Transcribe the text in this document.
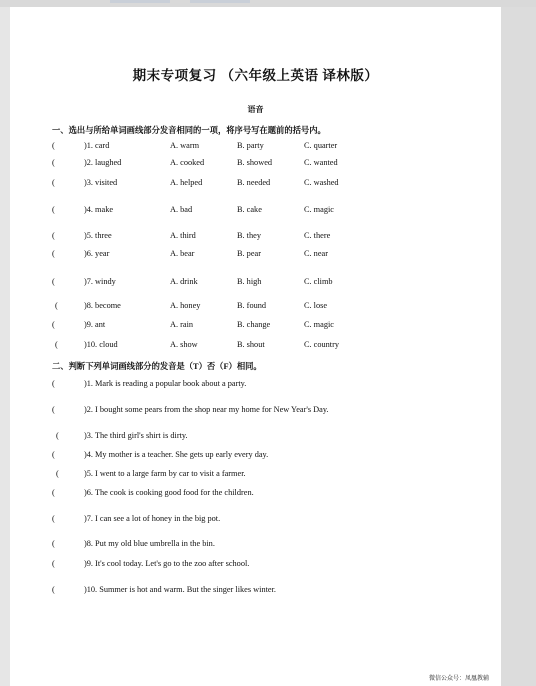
期末专项复习 （六年级上英语 译林版）
语音
一、选出与所给单词画线部分发音相同的一项，将序号写在题前的括号内。
(	)1. card	A. warm	B. party	C. quarter
(	)2. laughed	A. cooked	B. showed	C. wanted
(	)3. visited	A. helped	B. needed	C. washed
(	)4. make	A. bad	B. cake	C. magic
(	)5. three	A. third	B. they	C. there
(	)6. year	A. bear	B. pear	C. near
(	)7. windy	A. drink	B. high	C. climb
(	)8. become	A. honey	B. found	C. lose
(	)9. ant	A. rain	B. change	C. magic
(	)10. cloud	A. show	B. shout	C. country
二、判断下列单词画线部分的发音是（T）否（F）相同。
(	)1. Mark is reading a popular book about a party.
(	)2. I bought some pears from the shop near my home for New Year's Day.
(	)3. The third girl's shirt is dirty.
(	)4. My mother is a teacher. She gets up early every day.
(	)5. I went to a large farm by car to visit a farmer.
(	)6. The cook is cooking good food for the children.
(	)7. I can see a lot of honey in the big pot.
(	)8. Put my old blue umbrella in the bin.
(	)9. It's cool today. Let's go to the zoo after school.
(	)10. Summer is hot and warm. But the singer likes winter.
微信公众号：凤凰教辅
